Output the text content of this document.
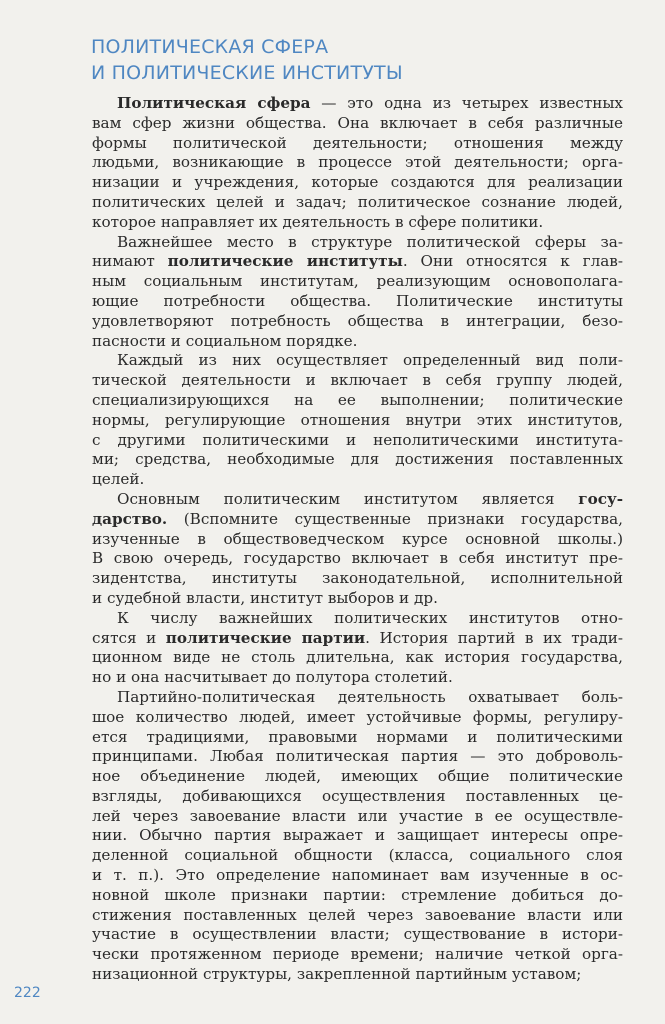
ПОЛИТИЧЕСКАЯ СФЕРА
И ПОЛИТИЧЕСКИЕ ИНСТИТУТЫ
Политическая сфера — это одна из четырех известных
вам сфер жизни общества. Она включает в себя различные
формы политической деятельности; отношения между
людьми, возникающие в процессе этой деятельности; орга-
низации и учреждения, которые создаются для реализации
политических целей и задач; политическое сознание людей,
которое направляет их деятельность в сфере политики.
Важнейшее место в структуре политической сферы за-
нимают политические институты. Они относятся к глав-
ным социальным институтам, реализующим основополага-
ющие потребности общества. Политические институты
удовлетворяют потребность общества в интеграции, безо-
пасности и социальном порядке.
Каждый из них осуществляет определенный вид поли-
тической деятельности и включает в себя группу людей,
специализирующихся на ее выполнении; политические
нормы, регулирующие отношения внутри этих институтов,
с другими политическими и неполитическими института-
ми; средства, необходимые для достижения поставленных
целей.
Основным политическим институтом является госу-
дарство. (Вспомните существенные признаки государства,
изученные в обществоведческом курсе основной школы.)
В свою очередь, государство включает в себя институт пре-
зидентства, институты законодательной, исполнительной
и судебной власти, институт выборов и др.
К числу важнейших политических институтов отно-
сятся и политические партии. История партий в их тради-
ционном виде не столь длительна, как история государства,
но и она насчитывает до полутора столетий.
Партийно-политическая деятельность охватывает боль-
шое количество людей, имеет устойчивые формы, регулиру-
ется традициями, правовыми нормами и политическими
принципами. Любая политическая партия — это доброволь-
ное объединение людей, имеющих общие политические
взгляды, добивающихся осуществления поставленных це-
лей через завоевание власти или участие в ее осуществле-
нии. Обычно партия выражает и защищает интересы опре-
деленной социальной общности (класса, социального слоя
и т. п.). Это определение напоминает вам изученные в ос-
новной школе признаки партии: стремление добиться до-
стижения поставленных целей через завоевание власти или
участие в осуществлении власти; существование в истори-
чески протяженном периоде времени; наличие четкой орга-
низационной структуры, закрепленной партийным уставом;
222
